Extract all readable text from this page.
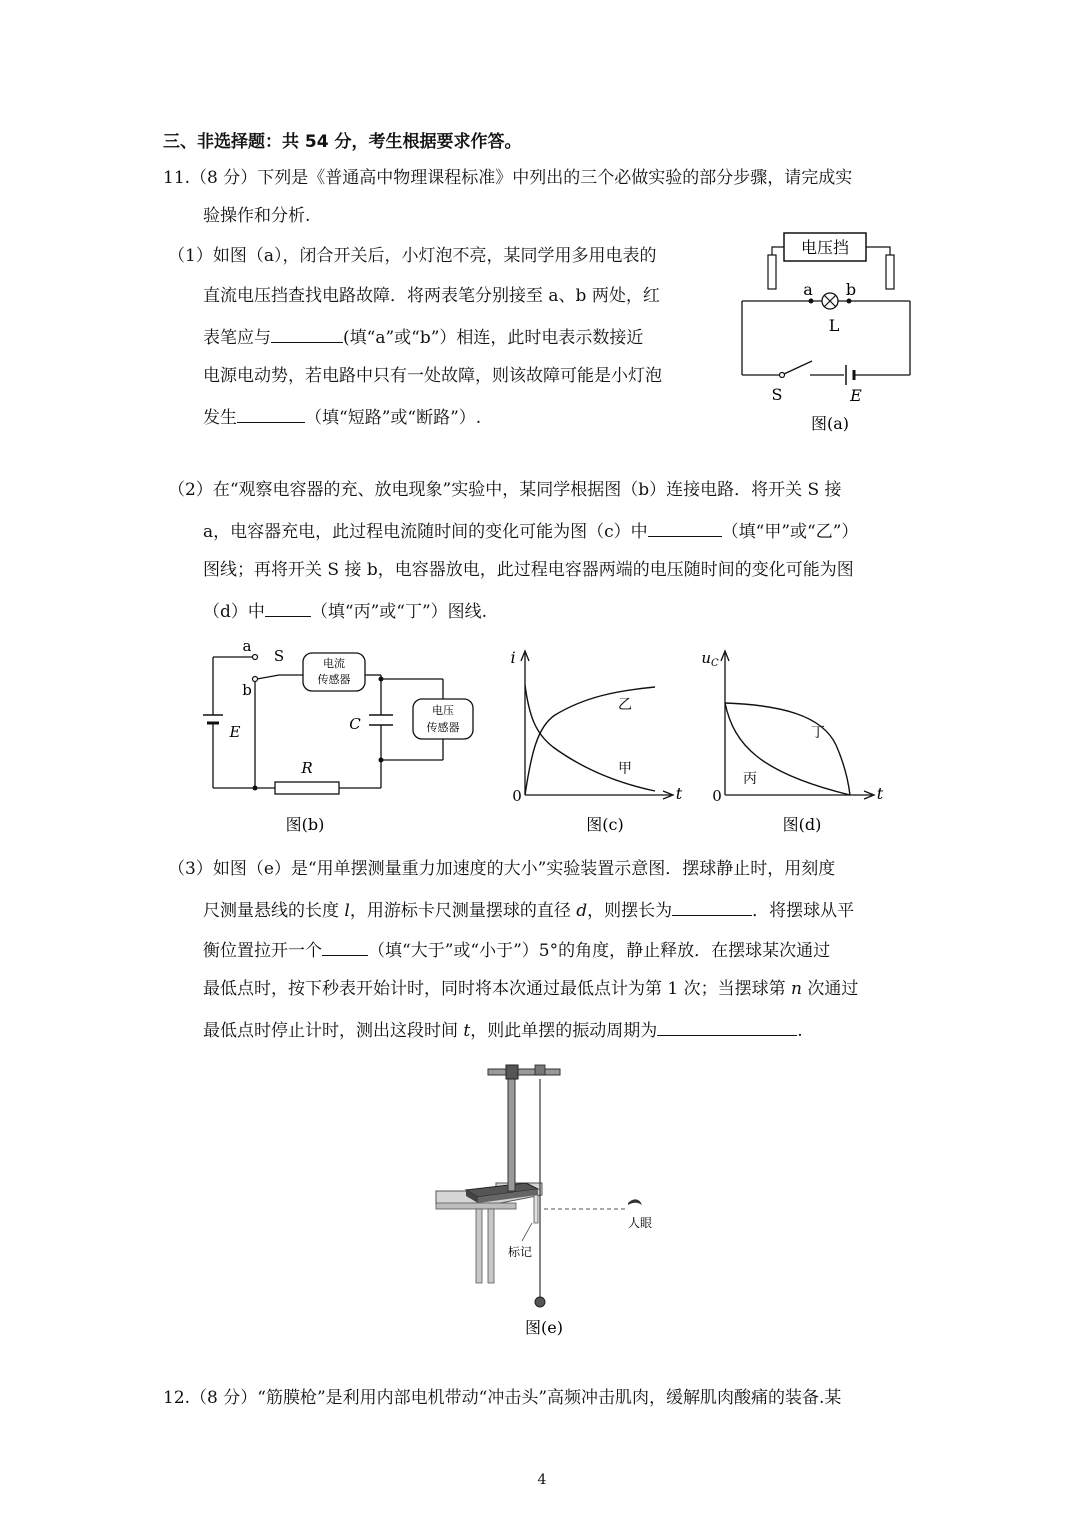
三、非选择题：共 54 分，考生根据要求作答。
11.（8 分）下列是《普通高中物理课程标准》中列出的三个必做实验的部分步骤，请完成实
验操作和分析.
（1）如图（a），闭合开关后，小灯泡不亮，某同学用多用电表的
直流电压挡查找电路故障．将两表笔分别接至 a、b 两处，红
表笔应与	(填“a”或“b”）相连，此时电表示数接近
电源电动势，若电路中只有一处故障，则该故障可能是小灯泡
发生	（填“短路”或“断路”）.
电压挡
a b
L
S	E
图(a)
（2）在“观察电容器的充、放电现象”实验中，某同学根据图（b）连接电路．将开关 S 接
a，电容器充电，此过程电流随时间的变化可能为图（c）中	（填“甲”或“乙”）
图线；再将开关 S 接 b，电容器放电，此过程电容器两端的电压随时间的变化可能为图
（d）中	（填“丙”或“丁”）图线.
a
b
S
E
电流
传感器
C
电压
传感器
R
图(b)
i
t
0
乙
甲
图(c)
$u_C$
t
0
丁
丙
图(d)
（3）如图（e）是“用单摆测量重力加速度的大小”实验装置示意图．摆球静止时，用刻度
尺测量悬线的长度 l，用游标卡尺测量摆球的直径 d，则摆长为	．将摆球从平
衡位置拉开一个	（填“大于”或“小于”）5°的角度，静止释放．在摆球某次通过
最低点时，按下秒表开始计时，同时将本次通过最低点计为第 1 次；当摆球第 n 次通过
最低点时停止计时，测出这段时间 t，则此单摆的振动周期为	.
人眼
标记
图(e)
12.（8 分）“筋膜枪”是利用内部电机带动“冲击头”高频冲击肌肉，缓解肌肉酸痛的装备.某
4
